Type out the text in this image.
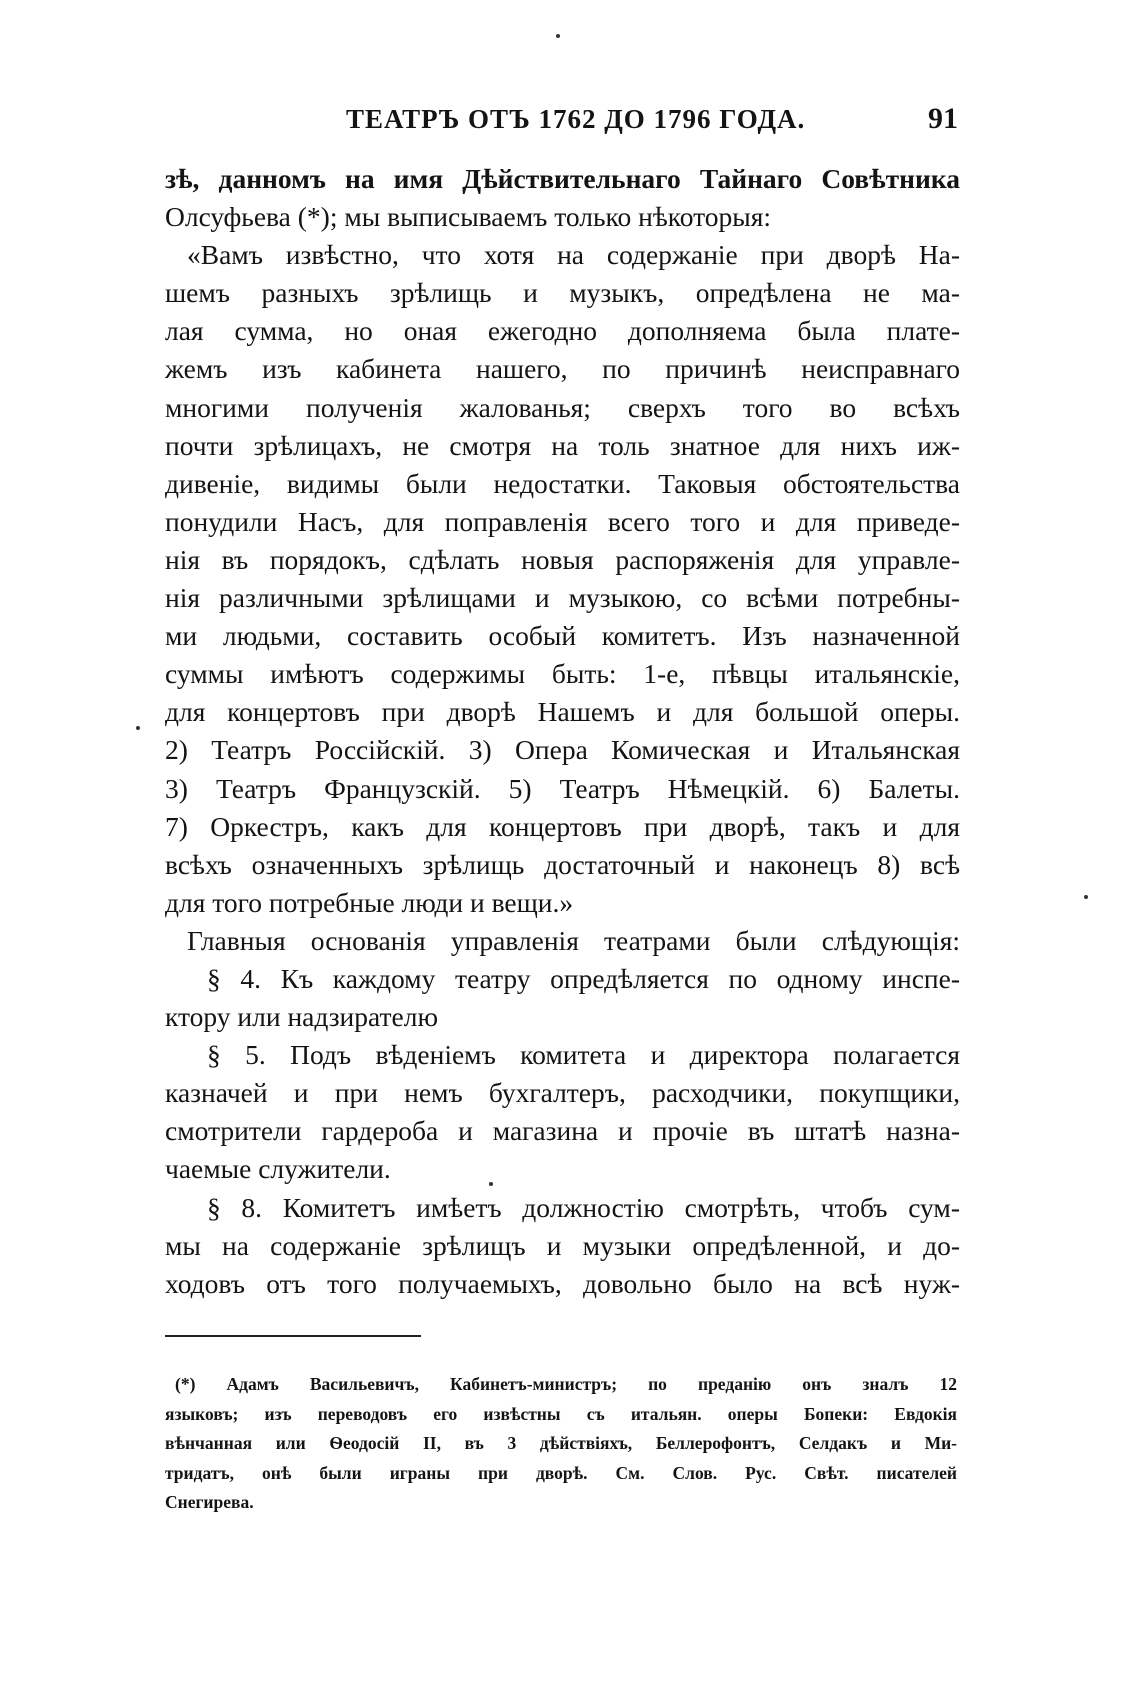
ТЕАТРЪ ОТЪ 1762 ДО 1796 ГОДА.	91
зѣ, данномъ на имя Дѣйствительнаго Тайнаго Совѣтника
Олсуфьева (*); мы выписываемъ только нѣкоторыя:
«Вамъ извѣстно, что хотя на содержаніе при дворѣ На-
шемъ разныхъ зрѣлищь и музыкъ, опредѣлена не ма-
лая сумма, но оная ежегодно дополняема была плате-
жемъ изъ кабинета нашего, по причинѣ неисправнаго
многими полученія жалованья; сверхъ того во всѣхъ
почти зрѣлицахъ, не смотря на толь знатное для нихъ иж-
дивеніе, видимы были недостатки. Таковыя обстоятельства
понудили Насъ, для поправленія всего того и для приведе-
нія въ порядокъ, сдѣлать новыя распоряженія для управле-
нія различными зрѣлищами и музыкою, со всѣми потребны-
ми людьми, составить особый комитетъ. Изъ назначенной
суммы имѣютъ содержимы быть: 1-е, пѣвцы итальянскіе,
для концертовъ при дворѣ Нашемъ и для большой оперы.
2) Театръ Россійскій. 3) Опера Комическая и Итальянская
3) Театръ Французскій. 5) Театръ Нѣмецкій. 6) Балеты.
7) Оркестръ, какъ для концертовъ при дворѣ, такъ и для
всѣхъ означенныхъ зрѣлищь достаточный и наконецъ 8) всѣ
для того потребные люди и вещи.»
Главныя основанія управленія театрами были слѣдующія:
§ 4. Къ каждому театру опредѣляется по одному инспе-
ктору или надзирателю
§ 5. Подъ вѣденіемъ комитета и директора полагается
казначей и при немъ бухгалтеръ, расходчики, покупщики,
смотрители гардероба и магазина и прочіе въ штатѣ назна-
чаемые служители.
§ 8. Комитетъ имѣетъ должностію смотрѣть, чтобъ сум-
мы на содержаніе зрѣлищъ и музыки опредѣленной, и до-
ходовъ отъ того получаемыхъ, довольно было на всѣ нуж-
(*) Адамъ Васильевичъ, Кабинетъ-министръ; по преданію онъ зналъ 12
языковъ; изъ переводовъ его извѣстны съ итальян. оперы Бопеки: Евдокія
вѣнчанная или Ѳеодосій II, въ 3 дѣйствіяхъ, Беллерофонтъ, Селдакъ и Ми-
тридатъ, онѣ были играны при дворѣ. См. Слов. Рус. Свѣт. писателей
Снегирева.
